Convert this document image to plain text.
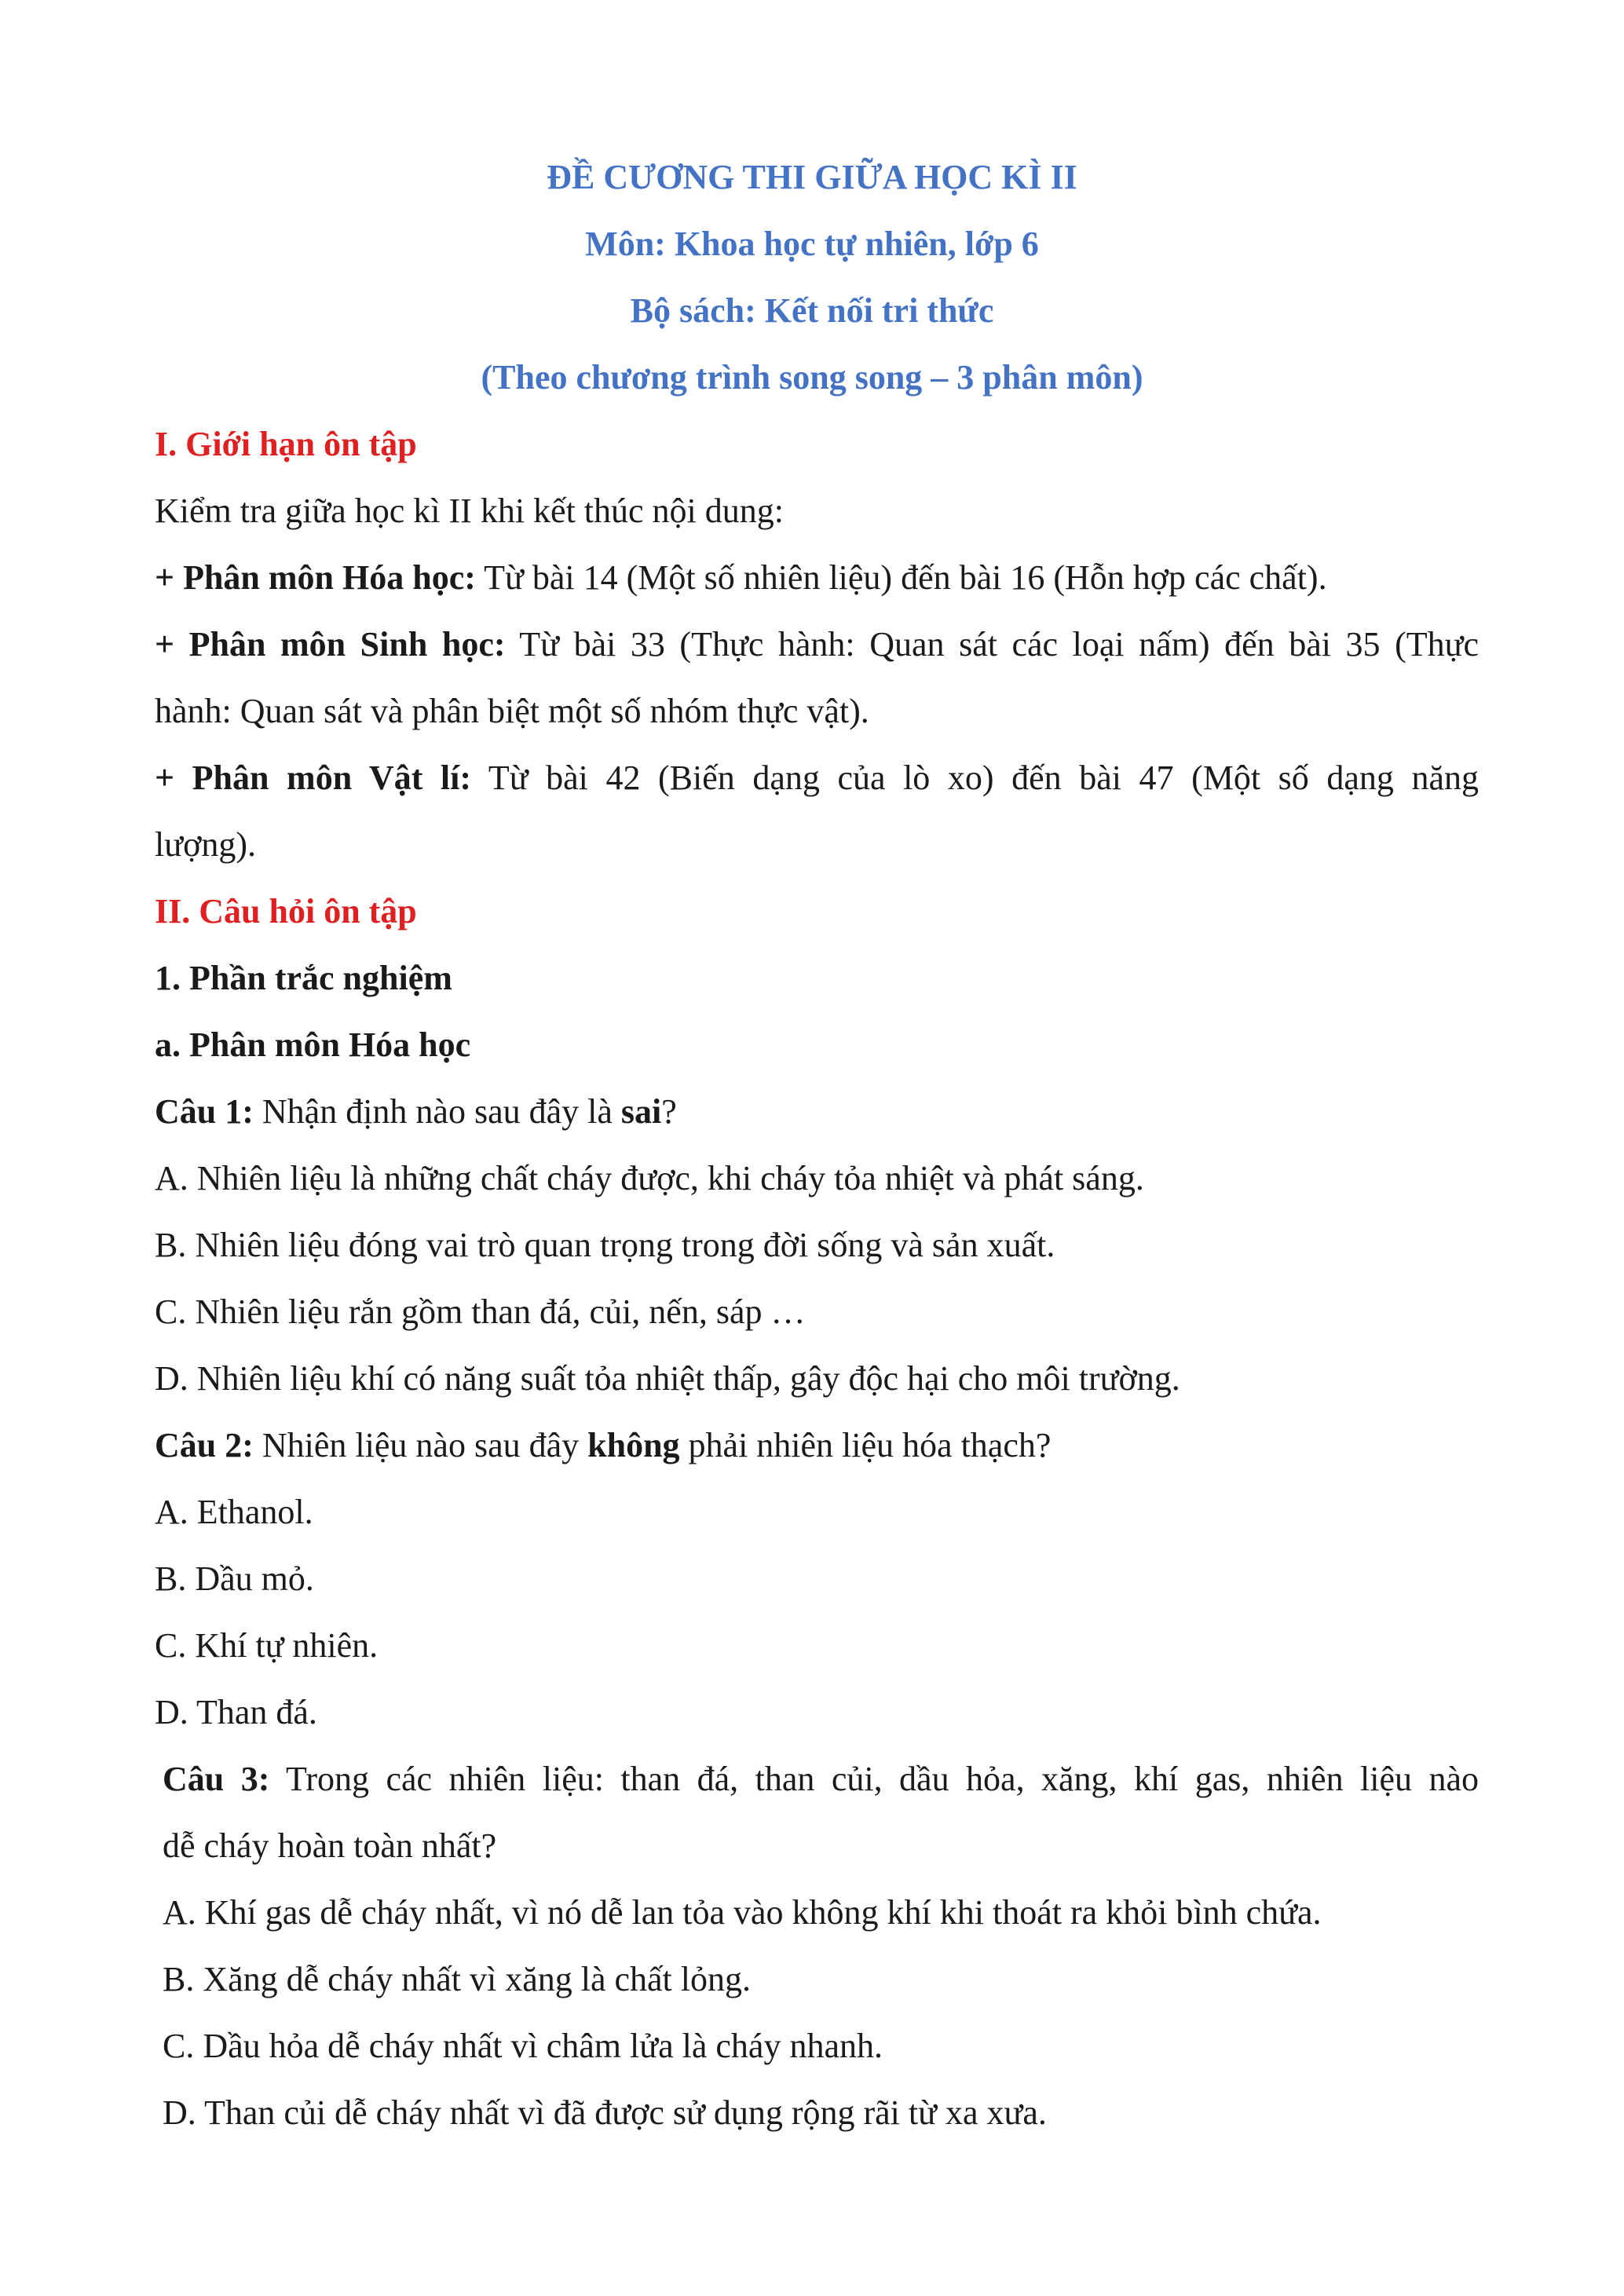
ĐỀ CƯƠNG THI GIỮA HỌC KÌ II
Môn: Khoa học tự nhiên, lớp 6
Bộ sách: Kết nối tri thức
(Theo chương trình song song – 3 phân môn)
I. Giới hạn ôn tập
Kiểm tra giữa học kì II khi kết thúc nội dung:
+ Phân môn Hóa học: Từ bài 14 (Một số nhiên liệu) đến bài 16 (Hỗn hợp các chất).
+ Phân môn Sinh học: Từ bài 33 (Thực hành: Quan sát các loại nấm) đến bài 35 (Thực
hành: Quan sát và phân biệt một số nhóm thực vật).
+ Phân môn Vật lí: Từ bài 42 (Biến dạng của lò xo) đến bài 47 (Một số dạng năng
lượng).
II. Câu hỏi ôn tập
1. Phần trắc nghiệm
a. Phân môn Hóa học
Câu 1: Nhận định nào sau đây là sai?
A. Nhiên liệu là những chất cháy được, khi cháy tỏa nhiệt và phát sáng.
B. Nhiên liệu đóng vai trò quan trọng trong đời sống và sản xuất.
C. Nhiên liệu rắn gồm than đá, củi, nến, sáp …
D. Nhiên liệu khí có năng suất tỏa nhiệt thấp, gây độc hại cho môi trường.
Câu 2: Nhiên liệu nào sau đây không phải nhiên liệu hóa thạch?
A. Ethanol.
B. Dầu mỏ.
C. Khí tự nhiên.
D. Than đá.
Câu 3: Trong các nhiên liệu: than đá, than củi, dầu hỏa, xăng, khí gas, nhiên liệu nào
dễ cháy hoàn toàn nhất?
A. Khí gas dễ cháy nhất, vì nó dễ lan tỏa vào không khí khi thoát ra khỏi bình chứa.
B. Xăng dễ cháy nhất vì xăng là chất lỏng.
C. Dầu hỏa dễ cháy nhất vì châm lửa là cháy nhanh.
D. Than củi dễ cháy nhất vì đã được sử dụng rộng rãi từ xa xưa.
